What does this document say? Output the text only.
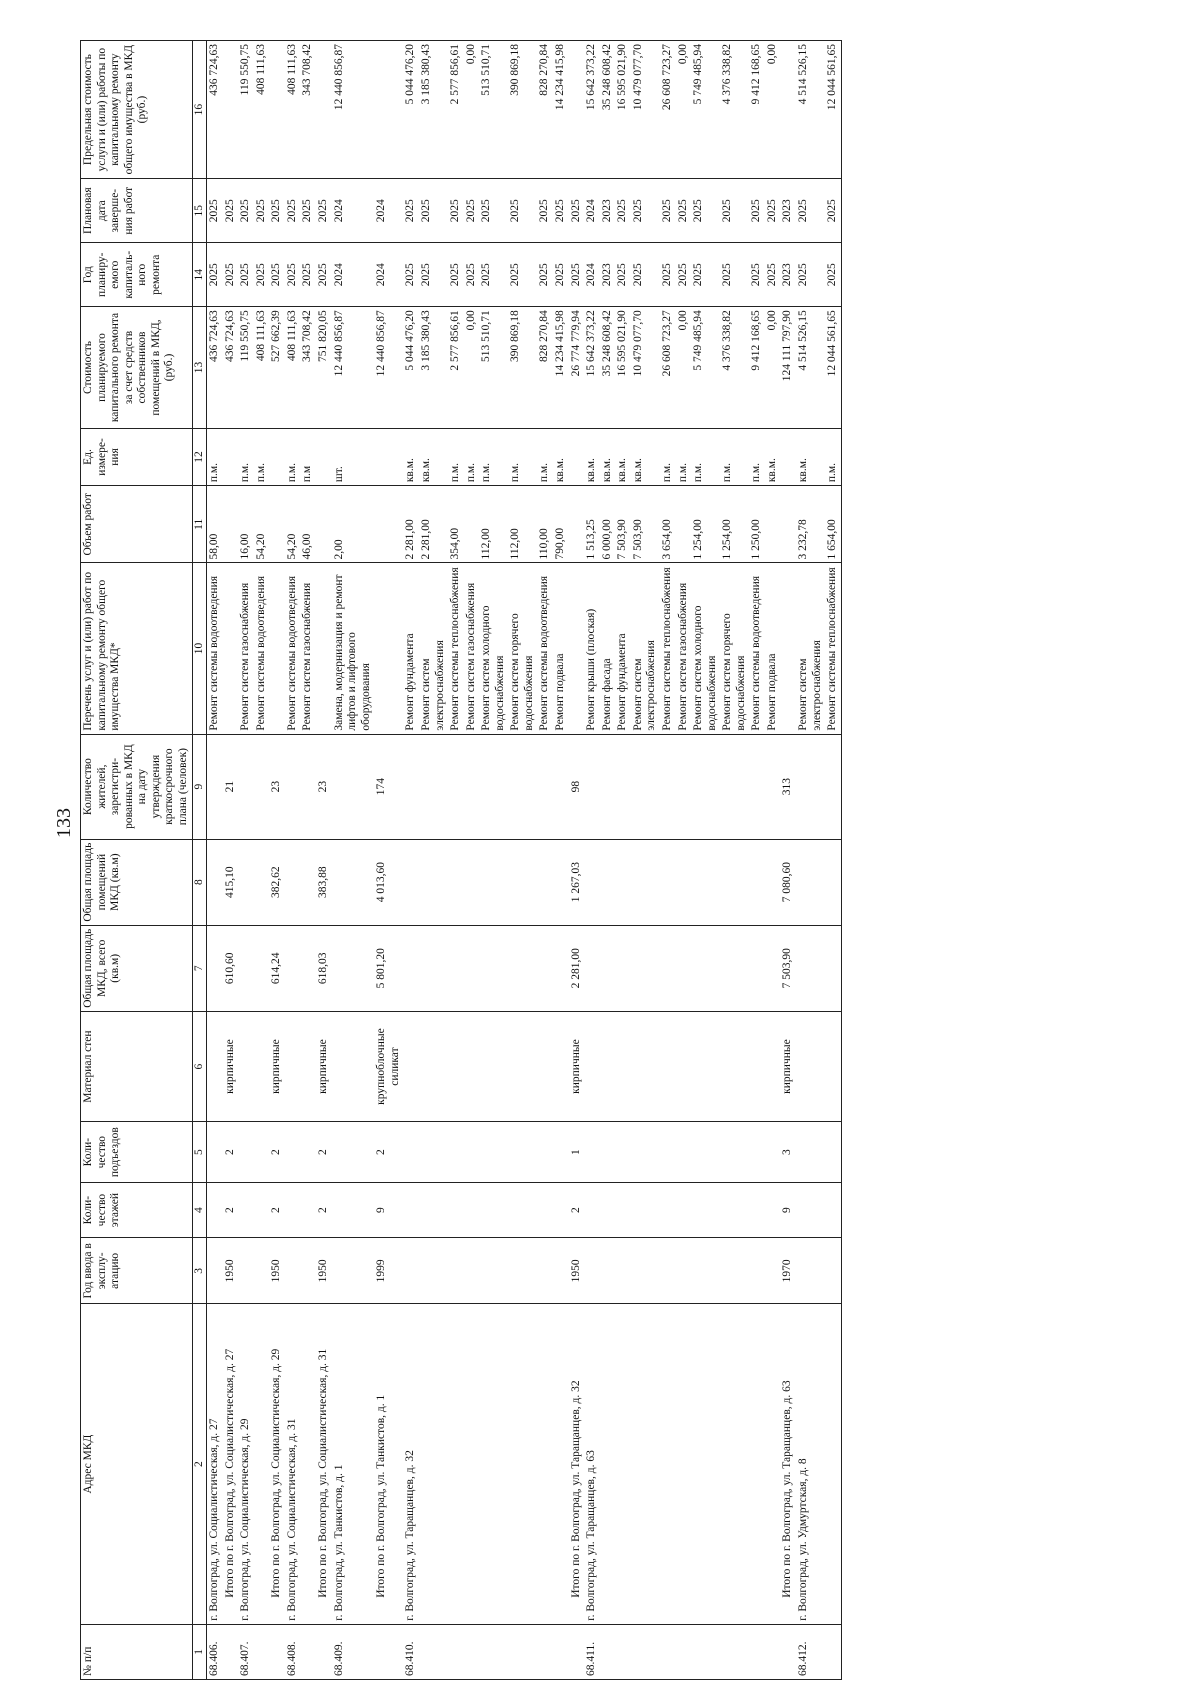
133
№ п/п	Адрес МКД	Год ввода в эксплу-атацию	Коли-чество этажей	Коли-чество подъездов	Материал стен	Общая площадь МКД, всего (кв.м)	Общая площадь помещений МКД (кв.м)	Количество жителей, зарегистри-рованных в МКД на дату утверждения краткосрочного плана (человек)	Перечень услуг и (или) работ по капитальному ремонту общего имущества МКД*	Объем работ	Ед. измере-ния	Стоимость планируемого капитального ремонта за счет средств собственников помещений в МКД, (руб.)	Год планиру-емого капиталь-ного ремонта	Плановая дата заверше-ния работ	Предельная стоимость услуги и (или) работы по капитальному ремонту общего имущества в МКД (руб.)
1	2	3	4	5	6	7	8	9	10	11	12	13	14	15	16
68.406.	г. Волгоград, ул. Социалистическая, д. 27								Ремонт системы водоотведения	58,00	п.м.	436 724,63	2025	2025	436 724,63
	Итого по г. Волгоград, ул. Социалистическая, д. 27	1950	2	2	кирпичные	610,60	415,10	21				436 724,63	2025	2025	
68.407.	г. Волгоград, ул. Социалистическая, д. 29								Ремонт систем газоснабжения	16,00	п.м.	119 550,75	2025	2025	119 550,75
									Ремонт системы водоотведения	54,20	п.м.	408 111,63	2025	2025	408 111,63
	Итого по г. Волгоград, ул. Социалистическая, д. 29	1950	2	2	кирпичные	614,24	382,62	23				527 662,39	2025	2025	
68.408.	г. Волгоград, ул. Социалистическая, д. 31								Ремонт системы водоотведения	54,20	п.м.	408 111,63	2025	2025	408 111,63
									Ремонт систем газоснабжения	46,00	п.м	343 708,42	2025	2025	343 708,42
	Итого по г. Волгоград, ул. Социалистическая, д. 31	1950	2	2	кирпичные	618,03	383,88	23				751 820,05	2025	2025	
68.409.	г. Волгоград, ул. Танкистов, д. 1								Замена, модернизация и ремонт лифтов и лифтового оборудования	2,00	шт.	12 440 856,87	2024	2024	12 440 856,87
	Итого по г. Волгоград, ул. Танкистов, д. 1	1999	9	2	крупноблочные силикат	5 801,20	4 013,60	174				12 440 856,87	2024	2024	
68.410.	г. Волгоград, ул. Таращанцев, д. 32								Ремонт фундамента	2 281,00	кв.м.	5 044 476,20	2025	2025	5 044 476,20
									Ремонт систем электроснабжения	2 281,00	кв.м.	3 185 380,43	2025	2025	3 185 380,43
									Ремонт системы теплоснабжения	354,00	п.м.	2 577 856,61	2025	2025	2 577 856,61
									Ремонт систем газоснабжения		п.м.	0,00	2025	2025	0,00
									Ремонт систем холодного водоснабжения	112,00	п.м.	513 510,71	2025	2025	513 510,71
									Ремонт систем горячего водоснабжения	112,00	п.м.	390 869,18	2025	2025	390 869,18
									Ремонт системы водоотведения	110,00	п.м.	828 270,84	2025	2025	828 270,84
									Ремонт подвала	790,00	кв.м.	14 234 415,98	2025	2025	14 234 415,98
	Итого по г. Волгоград, ул. Таращанцев, д. 32	1950	2	1	кирпичные	2 281,00	1 267,03	98				26 774 779,94	2025	2025	
68.411.	г. Волгоград, ул. Таращанцев, д. 63								Ремонт крыши (плоская)	1 513,25	кв.м.	15 642 373,22	2024	2024	15 642 373,22
									Ремонт фасада	6 000,00	кв.м.	35 248 608,42	2023	2023	35 248 608,42
									Ремонт фундамента	7 503,90	кв.м.	16 595 021,90	2025	2025	16 595 021,90
									Ремонт систем электроснабжения	7 503,90	кв.м.	10 479 077,70	2025	2025	10 479 077,70
									Ремонт системы теплоснабжения	3 654,00	п.м.	26 608 723,27	2025	2025	26 608 723,27
									Ремонт систем газоснабжения		п.м.	0,00	2025	2025	0,00
									Ремонт систем холодного водоснабжения	1 254,00	п.м.	5 749 485,94	2025	2025	5 749 485,94
									Ремонт систем горячего водоснабжения	1 254,00	п.м.	4 376 338,82	2025	2025	4 376 338,82
									Ремонт системы водоотведения	1 250,00	п.м.	9 412 168,65	2025	2025	9 412 168,65
									Ремонт подвала		кв.м.	0,00	2025	2025	0,00
	Итого по г. Волгоград, ул. Таращанцев, д. 63	1970	9	3	кирпичные	7 503,90	7 080,60	313				124 111 797,90	2023	2023	
68.412.	г. Волгоград, ул. Удмуртская, д. 8								Ремонт систем электроснабжения	3 232,78	кв.м.	4 514 526,15	2025	2025	4 514 526,15
									Ремонт системы теплоснабжения	1 654,00	п.м.	12 044 561,65	2025	2025	12 044 561,65
